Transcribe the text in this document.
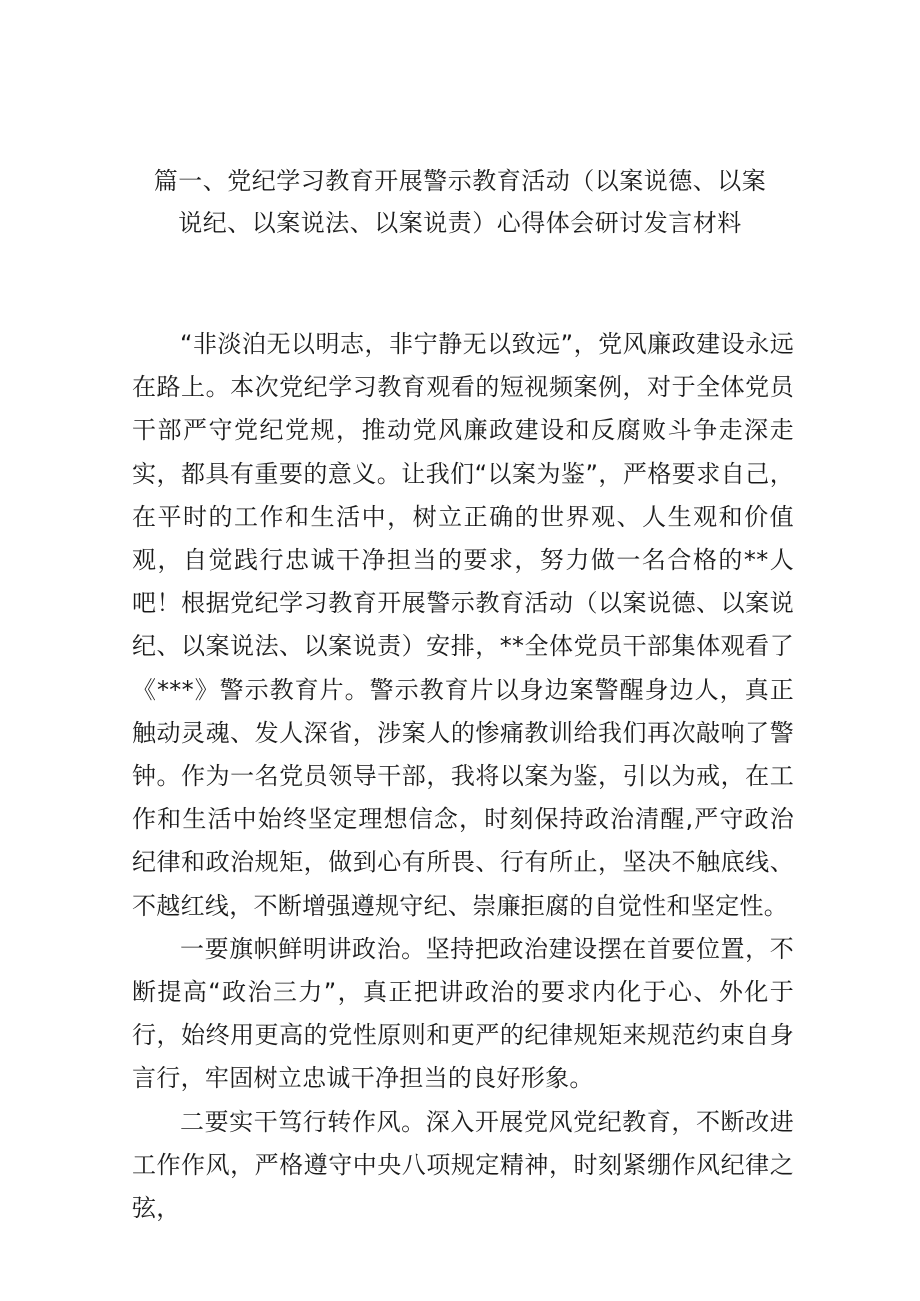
篇一、党纪学习教育开展警示教育活动（以案说德、以案
说纪、以案说法、以案说责）心得体会研讨发言材料

“非淡泊无以明志，非宁静无以致远”，党风廉政建设永远在路上。本次党纪学习教育观看的短视频案例，对于全体党员干部严守党纪党规，推动党风廉政建设和反腐败斗争走深走实，都具有重要的意义。让我们“以案为鉴”，严格要求自己，在平时的工作和生活中，树立正确的世界观、人生观和价值观，自觉践行忠诚干净担当的要求，努力做一名合格的**人吧！根据党纪学习教育开展警示教育活动（以案说德、以案说纪、以案说法、以案说责）安排，**全体党员干部集体观看了《***》警示教育片。警示教育片以身边案警醒身边人，真正触动灵魂、发人深省，涉案人的惨痛教训给我们再次敲响了警钟。作为一名党员领导干部，我将以案为鉴，引以为戒，在工作和生活中始终坚定理想信念，时刻保持政治清醒,严守政治纪律和政治规矩，做到心有所畏、行有所止，坚决不触底线、不越红线，不断增强遵规守纪、崇廉拒腐的自觉性和坚定性。

一要旗帜鲜明讲政治。坚持把政治建设摆在首要位置，不断提高“政治三力”，真正把讲政治的要求内化于心、外化于行，始终用更高的党性原则和更严的纪律规矩来规范约束自身言行，牢固树立忠诚干净担当的良好形象。

二要实干笃行转作风。深入开展党风党纪教育，不断改进工作作风，严格遵守中央八项规定精神，时刻紧绷作风纪律之弦，
